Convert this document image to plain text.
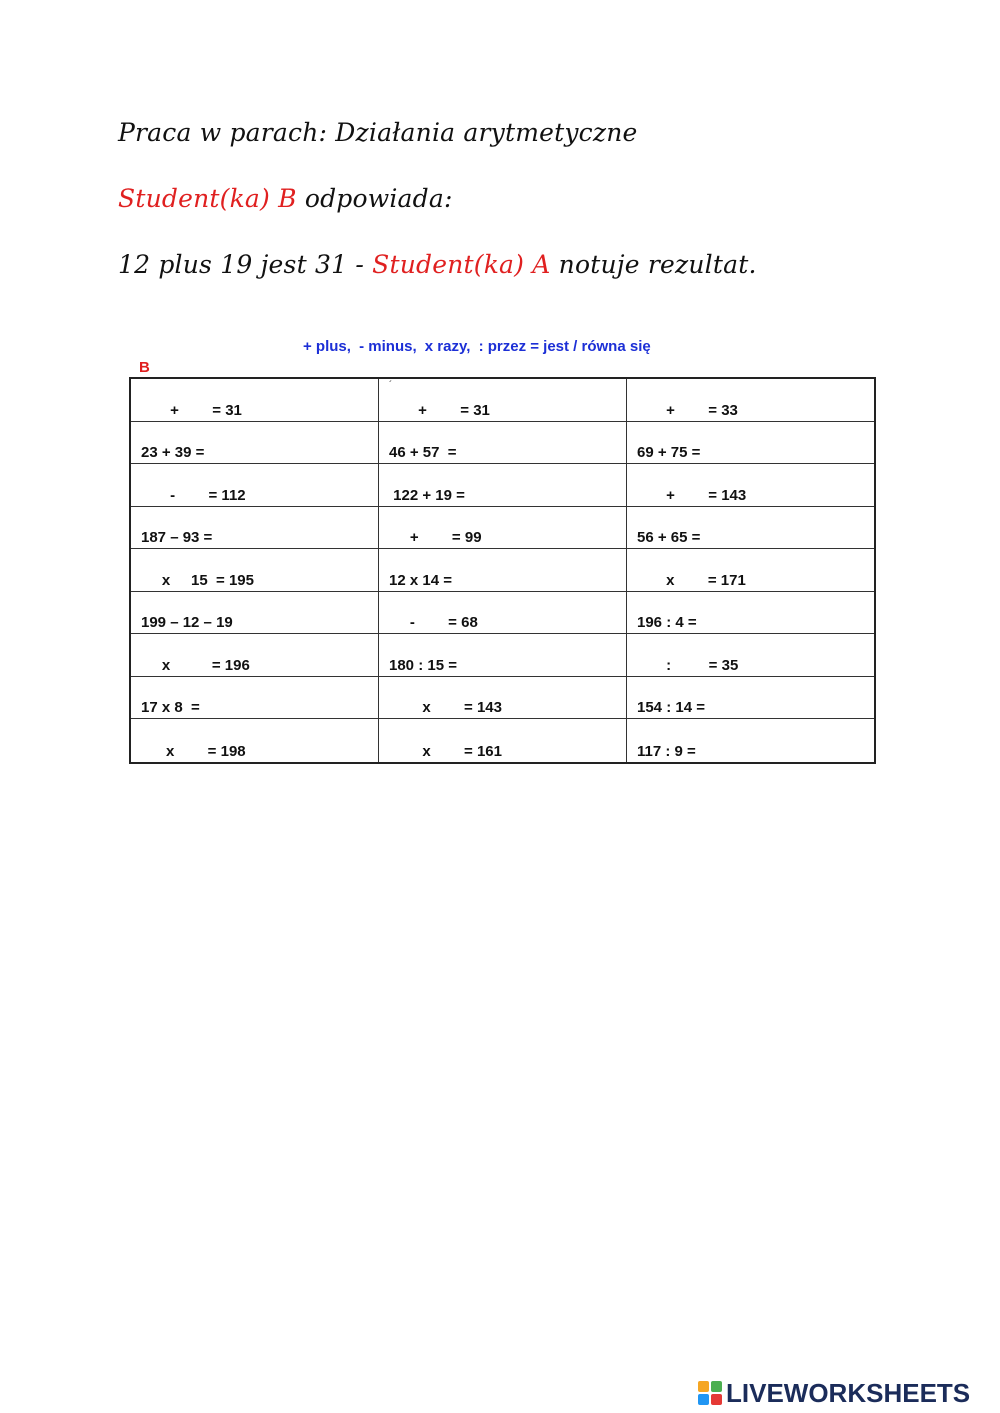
Praca w parach: Działania arytmetyczne
Student(ka) B odpowiada:
12 plus 19 jest 31 - Student(ka) A notuje rezultat.
+ plus, - minus, x razy, : przez = jest / równa się
B
+        = 31	+        = 31	+        = 33
23 + 39 =	46 + 57  =	69 + 75 =
-        = 112	122 + 19 =	+        = 143
187 – 93 =	+        = 99	56 + 65 =
x     15  = 195	12 x 14 =	x        = 171
199 – 12 – 19	-        = 68	196 : 4 =
x          = 196	180 : 15 =	:         = 35
17 x 8  =	x        = 143	154 : 14 =
x        = 198	x        = 161	117 : 9 =
´
LIVEWORKSHEETS
